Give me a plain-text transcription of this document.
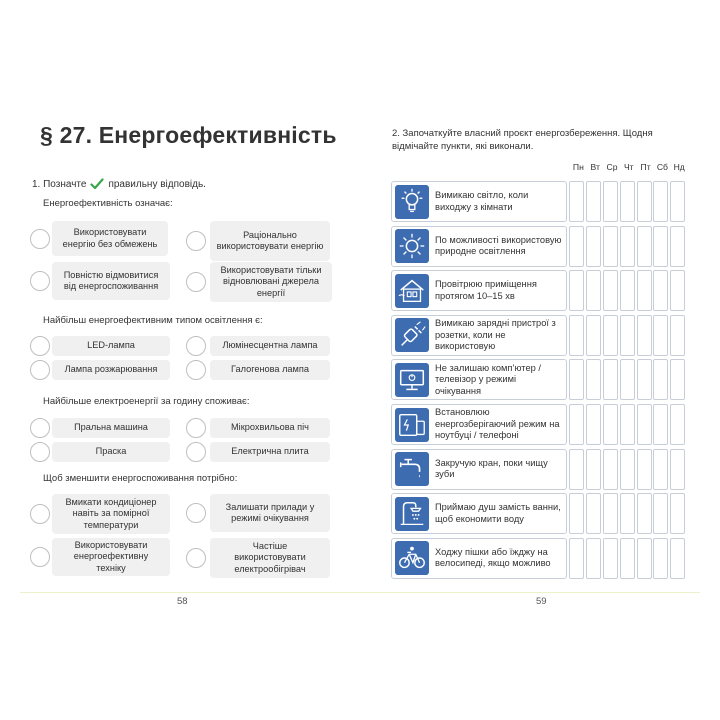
§ 27. Енергоефективність
1. Позначте правильну відповідь.
Енергоефективність означає:
Використовувати енергію без обмежень
Раціонально використовувати енергію
Повністю відмовитися від енергоспоживання
Використовувати тільки відновлювані джерела енергії
Найбільш енергоефективним типом освітлення є:
LED-лампа	Люмінесцентна лампа
Лампа розжарювання	Галогенова лампа
Найбільше електроенергії за годину споживає:
Пральна машина	Мікрохвильова піч
Праска	Електрична плита
Щоб зменшити енергоспоживання потрібно:
Вмикати кондиціонер навіть за помірної температури
Залишати прилади у режимі очікування
Використовувати енергоефективну техніку
Частіше використовувати електрообігрівач
58
2. Започаткуйте власний проєкт енергозбереження. Щодня відмічайте пункти, які виконали.
Пн Вт Ср Чт Пт Сб Нд
Вимикаю світло, коли виходжу з кімнати
По можливості використовую природне освітлення
Провітрюю приміщення протягом 10–15 хв
Вимикаю зарядні пристрої з розетки, коли не використовую
Не залишаю комп’ютер / телевізор у режимі очікування
Встановлюю енергозберігаючий режим на ноутбуці / телефоні
Закручую кран, поки чищу зуби
Приймаю душ замість ванни, щоб економити воду
Ходжу пішки або їжджу на велосипеді, якщо можливо
59
